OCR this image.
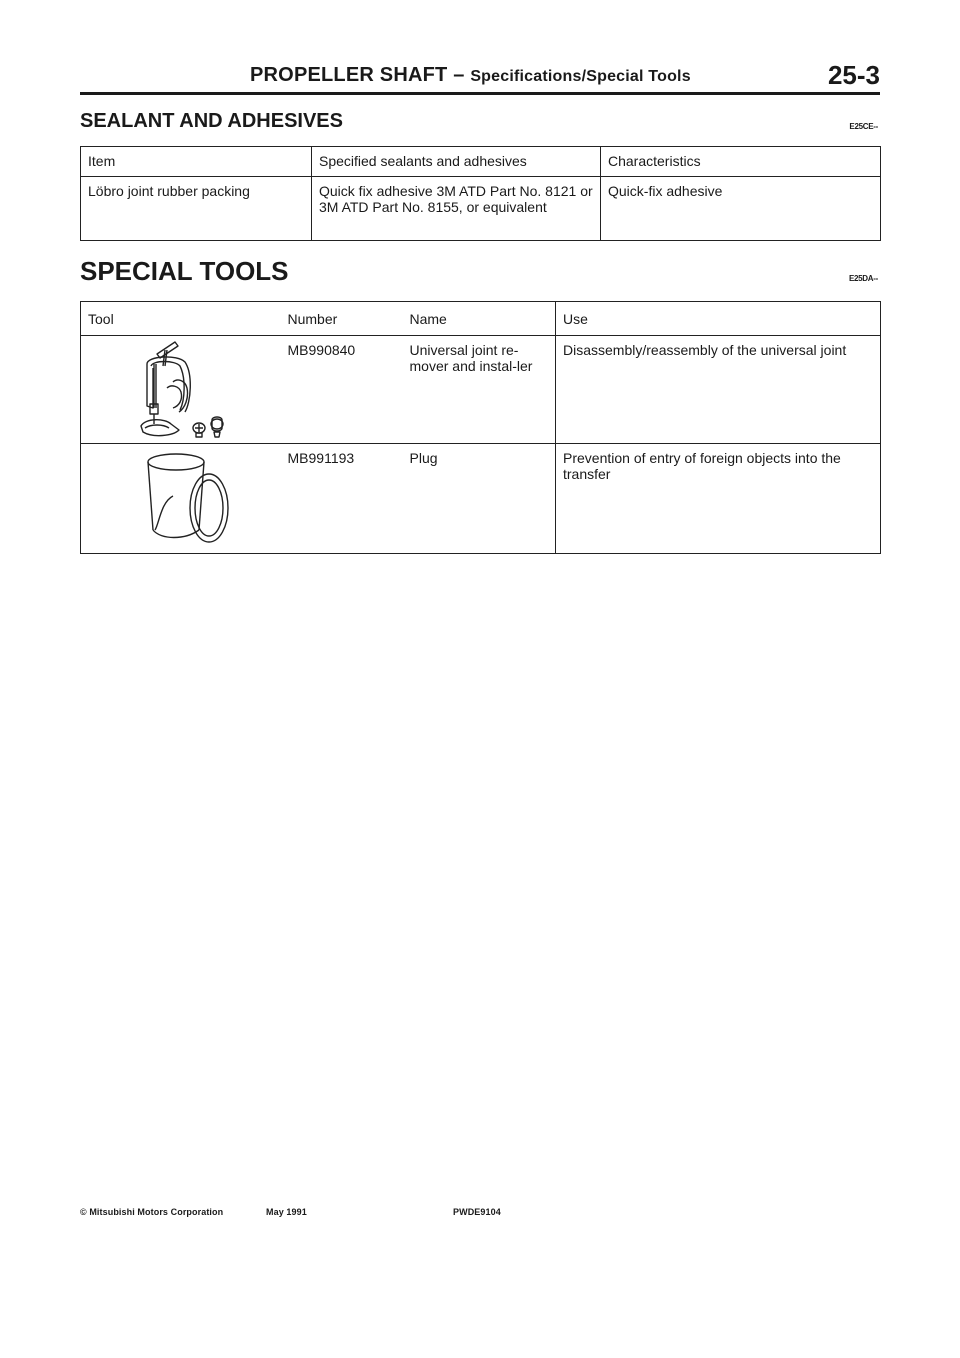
PROPELLER SHAFT – Specifications/Special Tools	25-3
SEALANT AND ADHESIVES	E25CE--
Item	Specified sealants and adhesives	Characteristics
Löbro joint rubber packing	Quick fix adhesive 3M ATD Part No. 8121 or 3M ATD Part No. 8155, or equivalent	Quick-fix adhesive
SPECIAL TOOLS	E25DA--
Tool	Number	Name	Use
	MB990840	Universal joint re-mover and instal-ler	Disassembly/reassembly of the universal joint
	MB991193	Plug	Prevention of entry of foreign objects into the transfer
© Mitsubishi Motors Corporation	May 1991	PWDE9104
